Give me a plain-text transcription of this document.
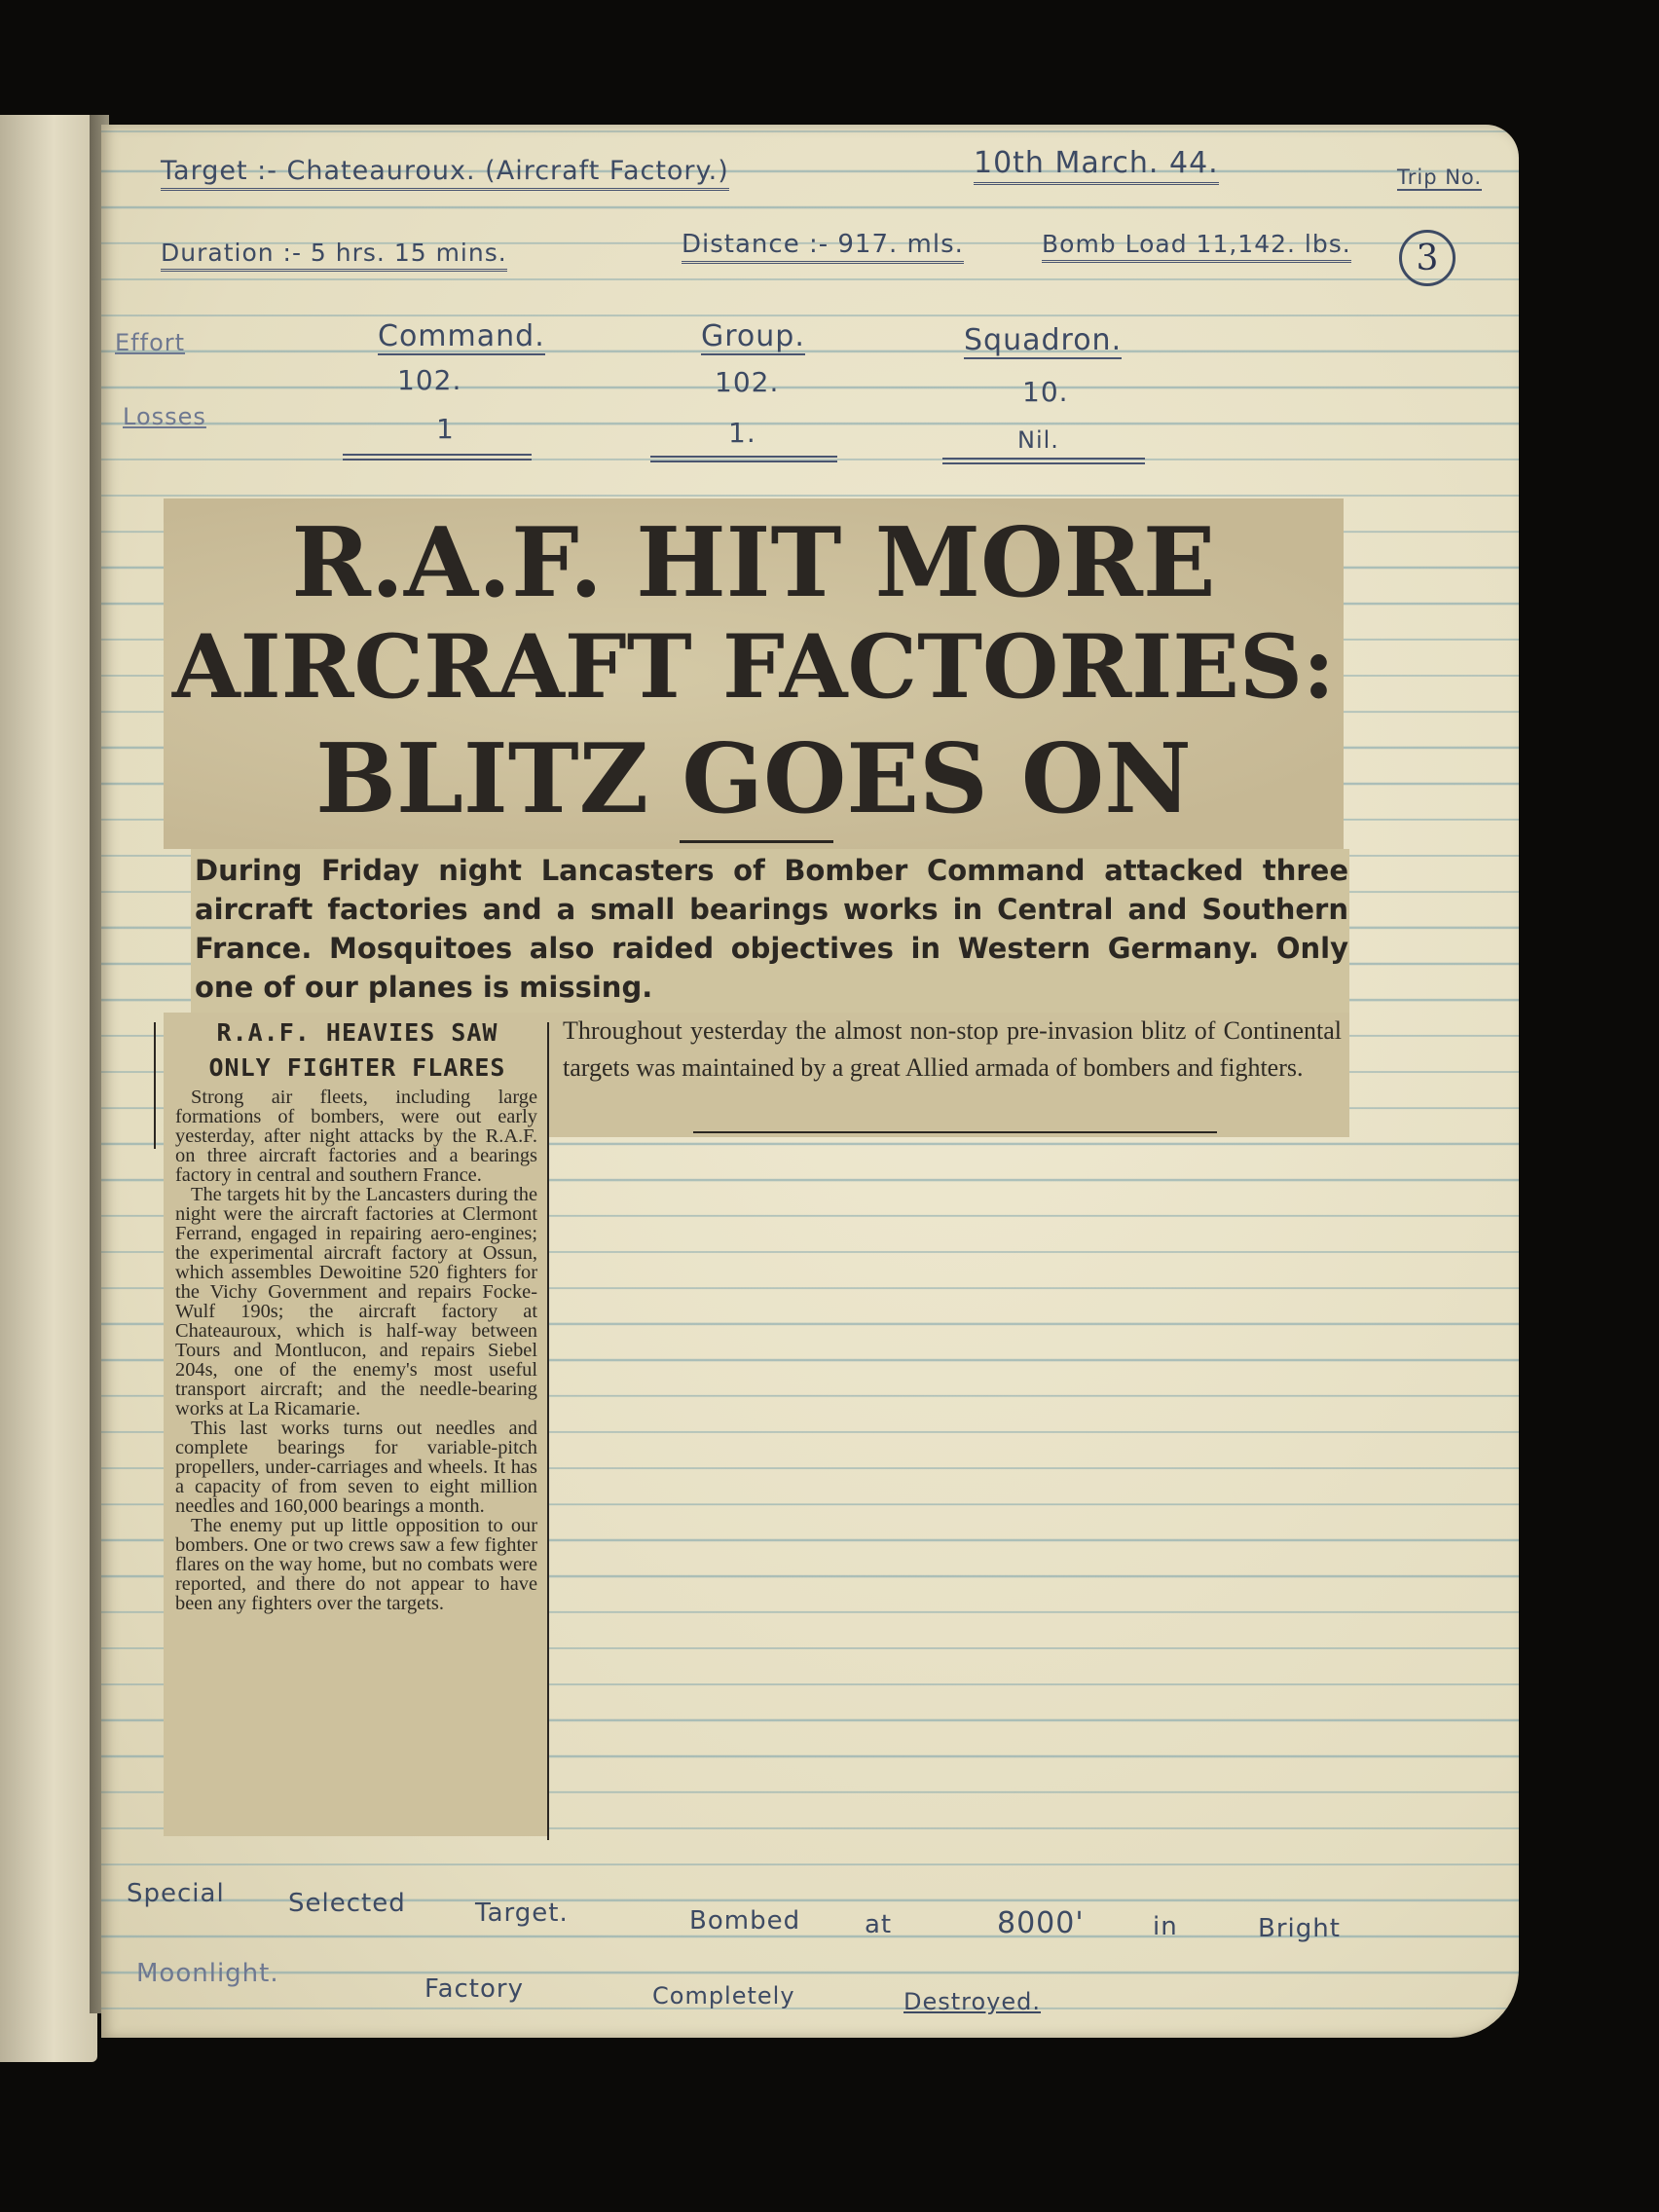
Target :- Chateauroux. (Aircraft Factory.)	10th March. 44.	Trip No.
3
Duration :- 5 hrs. 15 mins.	Distance :- 917. mls.	Bomb Load 11,142. lbs.
Effort
Losses
Command.	Group.	Squadron.
102.	102.	10.
1	1.	Nil.
R.A.F. HIT MORE
AIRCRAFT FACTORIES:
BLITZ GOES ON
During Friday night Lancasters of Bomber Command attacked three aircraft factories and a small bearings works in Central and Southern France. Mosquitoes also raided objectives in Western Germany. Only one of our planes is missing.
R.A.F. HEAVIES SAW
ONLY FIGHTER FLARES

Strong air fleets, including large formations of bombers, were out early yesterday, after night attacks by the R.A.F. on three aircraft factories and a bearings factory in central and southern France.

The targets hit by the Lancasters during the night were the aircraft factories at Clermont Ferrand, engaged in repairing aero-engines; the experimental aircraft factory at Ossun, which assembles Dewoitine 520 fighters for the Vichy Government and repairs Focke-Wulf 190s; the aircraft factory at Chateauroux, which is half-way between Tours and Montlucon, and repairs Siebel 204s, one of the enemy's most useful transport aircraft; and the needle-bearing works at La Ricamarie.

This last works turns out needles and complete bearings for variable-pitch propellers, under-carriages and wheels. It has a capacity of from seven to eight million needles and 160,000 bearings a month.

The enemy put up little opposition to our bombers. One or two crews saw a few fighter flares on the way home, but no combats were reported, and there do not appear to have been any fighters over the targets.

Throughout yesterday the almost non-stop pre-invasion blitz of Continental targets was maintained by a great Allied armada of bombers and fighters.
Special	Selected	Target.	Bombed	at	8000'	in	Bright
Moonlight.
Factory	Completely	Destroyed.
